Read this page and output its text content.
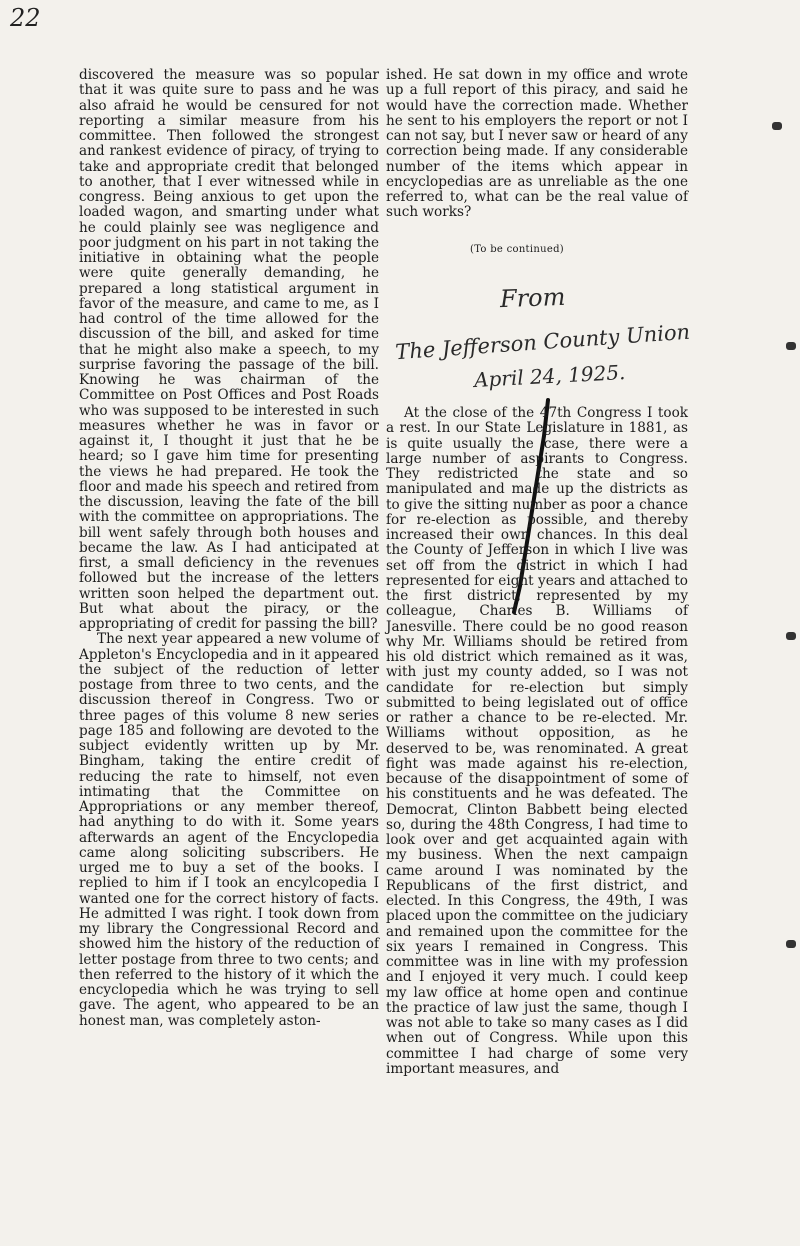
22

discovered the measure was so popular that it was quite sure to pass and he was also afraid he would be censured for not reporting a similar measure from his committee. Then followed the strongest and rankest evidence of piracy, of trying to take and appropriate credit that belonged to another, that I ever witnessed while in congress. Being anxious to get upon the loaded wagon, and smarting under what he could plainly see was negligence and poor judgment on his part in not taking the initiative in obtaining what the people were quite generally demanding, he prepared a long statistical argument in favor of the measure, and came to me, as I had control of the time allowed for the discussion of the bill, and asked for time that he might also make a speech, to my surprise favoring the passage of the bill. Knowing he was chairman of the Committee on Post Offices and Post Roads who was supposed to be interested in such measures whether he was in favor or against it, I thought it just that he be heard; so I gave him time for presenting the views he had prepared. He took the floor and made his speech and retired from the discussion, leaving the fate of the bill with the committee on appropriations. The bill went safely through both houses and became the law. As I had anticipated at first, a small deficiency in the revenues followed but the increase of the letters written soon helped the department out. But what about the piracy, or the appropriating of credit for passing the bill?

The next year appeared a new volume of Appleton's Encyclopedia and in it appeared the subject of the reduction of letter postage from three to two cents, and the discussion thereof in Congress. Two or three pages of this volume 8 new series page 185 and following are devoted to the subject evidently written up by Mr. Bingham, taking the entire credit of reducing the rate to himself, not even intimating that the Committee on Appropriations or any member thereof, had anything to do with it. Some years afterwards an agent of the Encyclopedia came along soliciting subscribers. He urged me to buy a set of the books. I replied to him if I took an encylcopedia I wanted one for the correct history of facts. He admitted I was right. I took down from my library the Congressional Record and showed him the history of the reduction of letter postage from three to two cents; and then referred to the history of it which the encyclopedia which he was trying to sell gave. The agent, who appeared to be an honest man, was completely aston-

ished. He sat down in my office and wrote up a full report of this piracy, and said he would have the correction made. Whether he sent to his employers the report or not I can not say, but I never saw or heard of any correction being made. If any considerable number of the items which appear in encyclopedias are as unreliable as the one referred to, what can be the real value of such works?

(To be continued)
From
The Jefferson County Union
April 24, 1925.

At the close of the 47th Congress I took a rest. In our State Legislature in 1881, as is quite usually the case, there were a large number of aspirants to Congress. They redistricted the state and so manipulated and made up the districts as to give the sitting number as poor a chance for re-election as possible, and thereby increased their own chances. In this deal the County of Jefferson in which I live was set off from the district in which I had represented for eight years and attached to the first district, represented by my colleague, Charles B. Williams of Janesville. There could be no good reason why Mr. Williams should be retired from his old district which remained as it was, with just my county added, so I was not candidate for re-election but simply submitted to being legislated out of office or rather a chance to be re-elected. Mr. Williams without opposition, as he deserved to be, was renominated. A great fight was made against his re-election, because of the disappointment of some of his constituents and he was defeated. The Democrat, Clinton Babbett being elected so, during the 48th Congress, I had time to look over and get acquainted again with my business. When the next campaign came around I was nominated by the Republicans of the first district, and elected. In this Congress, the 49th, I was placed upon the committee on the judiciary and remained upon the committee for the six years I remained in Congress. This committee was in line with my profession and I enjoyed it very much. I could keep my law office at home open and continue the practice of law just the same, though I was not able to take so many cases as I did when out of Congress. While upon this committee I had charge of some very important measures, and
